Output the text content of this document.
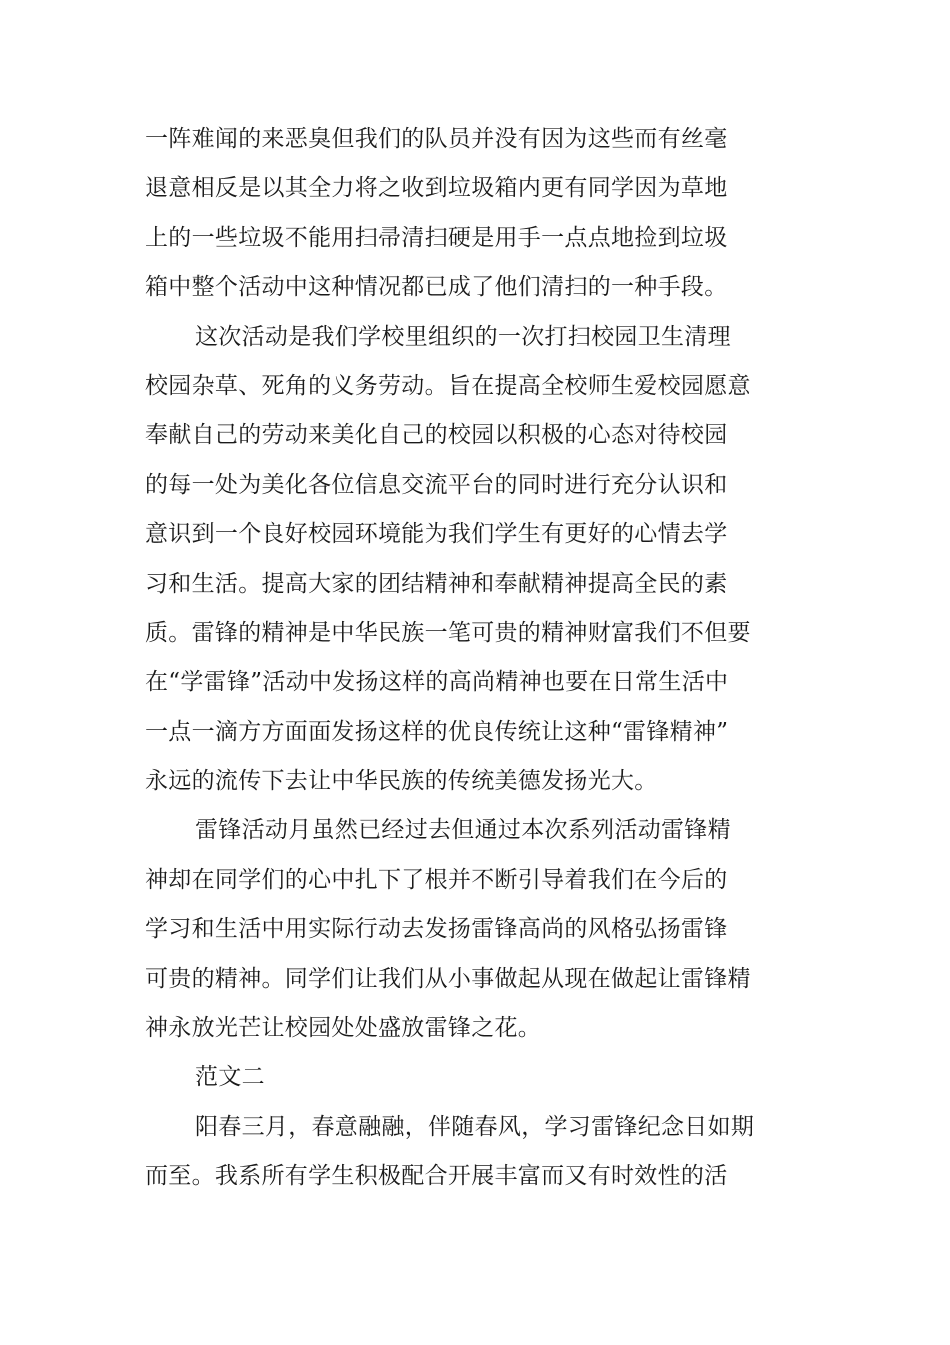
一阵难闻的来恶臭但我们的队员并没有因为这些而有丝毫
退意相反是以其全力将之收到垃圾箱内更有同学因为草地
上的一些垃圾不能用扫帚清扫硬是用手一点点地捡到垃圾
箱中整个活动中这种情况都已成了他们清扫的一种手段。
这次活动是我们学校里组织的一次打扫校园卫生清理
校园杂草、死角的义务劳动。旨在提高全校师生爱校园愿意
奉献自己的劳动来美化自己的校园以积极的心态对待校园
的每一处为美化各位信息交流平台的同时进行充分认识和
意识到一个良好校园环境能为我们学生有更好的心情去学
习和生活。提高大家的团结精神和奉献精神提高全民的素
质。雷锋的精神是中华民族一笔可贵的精神财富我们不但要
在“学雷锋”活动中发扬这样的高尚精神也要在日常生活中
一点一滴方方面面发扬这样的优良传统让这种“雷锋精神”
永远的流传下去让中华民族的传统美德发扬光大。
雷锋活动月虽然已经过去但通过本次系列活动雷锋精
神却在同学们的心中扎下了根并不断引导着我们在今后的
学习和生活中用实际行动去发扬雷锋高尚的风格弘扬雷锋
可贵的精神。同学们让我们从小事做起从现在做起让雷锋精
神永放光芒让校园处处盛放雷锋之花。
范文二
阳春三月，春意融融，伴随春风，学习雷锋纪念日如期
而至。我系所有学生积极配合开展丰富而又有时效性的活
